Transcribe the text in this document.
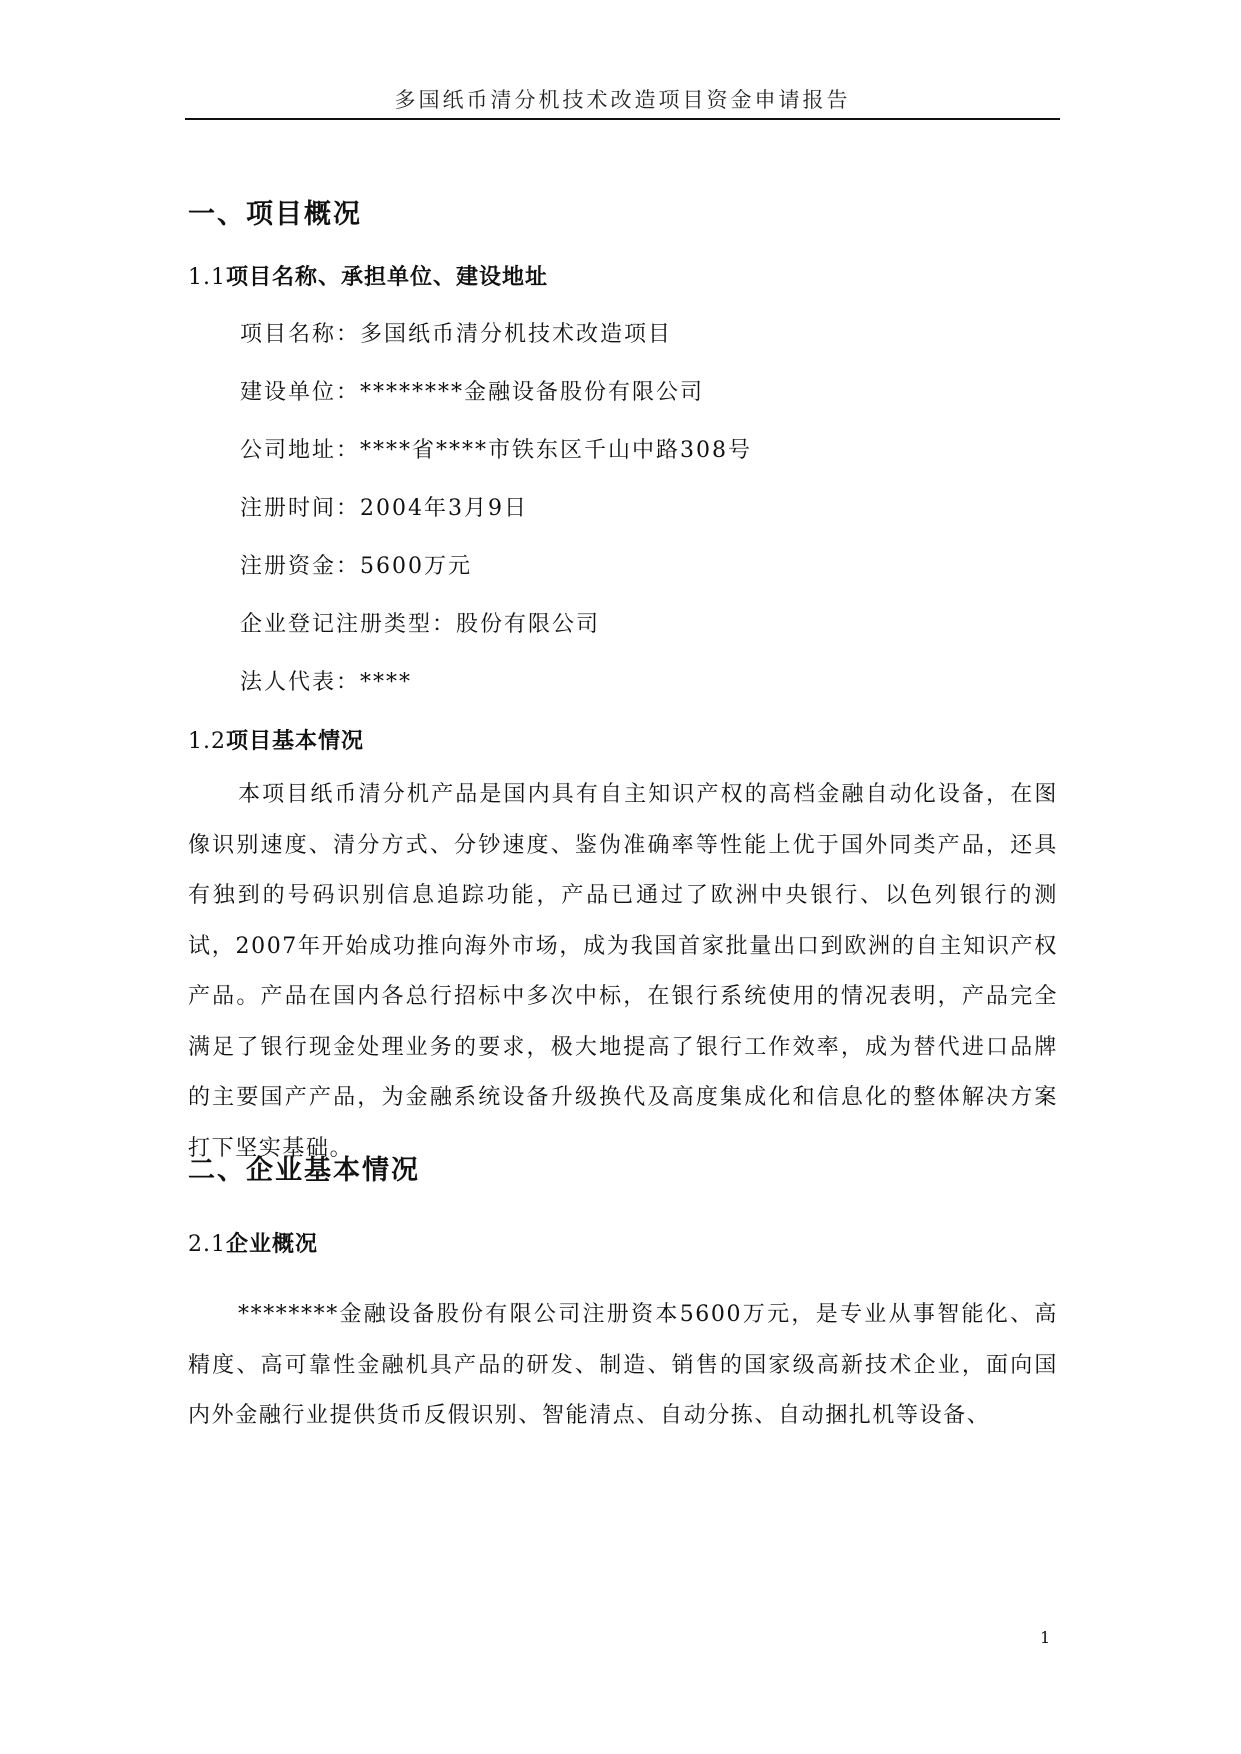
多国纸币清分机技术改造项目资金申请报告
一、项目概况
1.1项目名称、承担单位、建设地址
项目名称：多国纸币清分机技术改造项目
建设单位：********金融设备股份有限公司
公司地址：****省****市铁东区千山中路308号
注册时间：2004年3月9日
注册资金：5600万元
企业登记注册类型：股份有限公司
法人代表：****
1.2项目基本情况

本项目纸币清分机产品是国内具有自主知识产权的高档金融自动化设备，在图像识别速度、清分方式、分钞速度、鉴伪准确率等性能上优于国外同类产品，还具有独到的号码识别信息追踪功能，产品已通过了欧洲中央银行、以色列银行的测试，2007年开始成功推向海外市场，成为我国首家批量出口到欧洲的自主知识产权产品。产品在国内各总行招标中多次中标，在银行系统使用的情况表明，产品完全满足了银行现金处理业务的要求，极大地提高了银行工作效率，成为替代进口品牌的主要国产产品，为金融系统设备升级换代及高度集成化和信息化的整体解决方案打下坚实基础。

二、企业基本情况
2.1企业概况

********金融设备股份有限公司注册资本5600万元，是专业从事智能化、高精度、高可靠性金融机具产品的研发、制造、销售的国家级高新技术企业，面向国内外金融行业提供货币反假识别、智能清点、自动分拣、自动捆扎机等设备、

1
